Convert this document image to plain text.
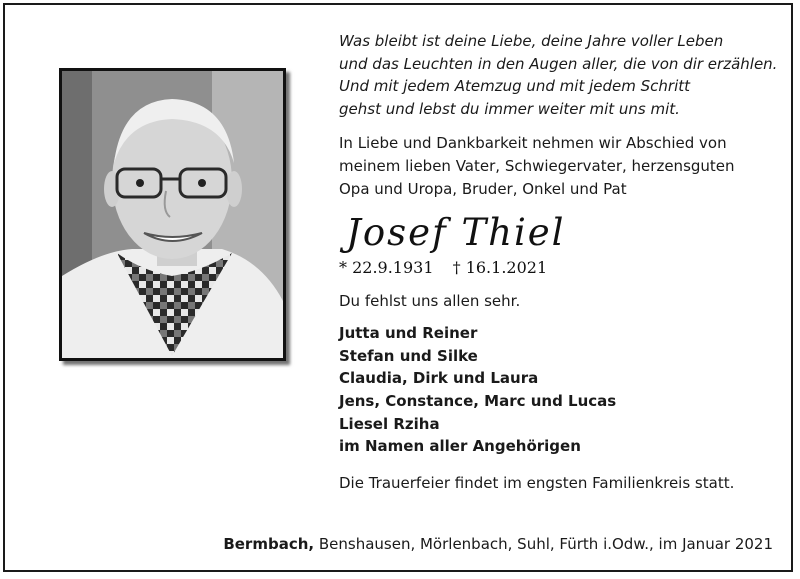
Was bleibt ist deine Liebe, deine Jahre voller Leben

und das Leuchten in den Augen aller, die von dir erzählen.

Und mit jedem Atemzug und mit jedem Schritt

gehst und lebst du immer weiter mit uns mit.

In Liebe und Dankbarkeit nehmen wir Abschied von

meinem lieben Vater, Schwiegervater, herzensguten

Opa und Uropa, Bruder, Onkel und Pat

Josef Thiel
* 22.9.1931 † 16.1.2021
Du fehlst uns allen sehr.

Jutta und Reiner

Stefan und Silke

Claudia, Dirk und Laura

Jens, Constance, Marc und Lucas

Liesel Rziha

im Namen aller Angehörigen

Die Trauerfeier findet im engsten Familienkreis statt.
Bermbach, Benshausen, Mörlenbach, Suhl, Fürth i.Odw., im Januar 2021
